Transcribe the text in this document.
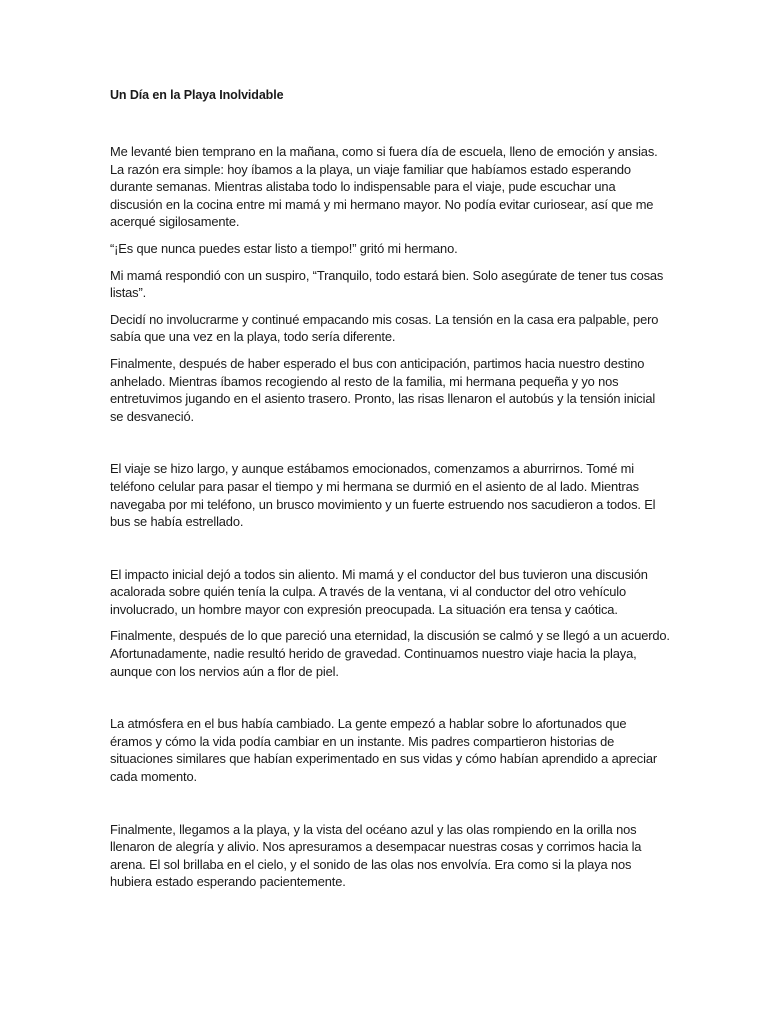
Un Día en la Playa Inolvidable

Me levanté bien temprano en la mañana, como si fuera día de escuela, lleno de emoción y ansias. La razón era simple: hoy íbamos a la playa, un viaje familiar que habíamos estado esperando durante semanas. Mientras alistaba todo lo indispensable para el viaje, pude escuchar una discusión en la cocina entre mi mamá y mi hermano mayor. No podía evitar curiosear, así que me acerqué sigilosamente.

“¡Es que nunca puedes estar listo a tiempo!” gritó mi hermano.

Mi mamá respondió con un suspiro, “Tranquilo, todo estará bien. Solo asegúrate de tener tus cosas listas”.

Decidí no involucrarme y continué empacando mis cosas. La tensión en la casa era palpable, pero sabía que una vez en la playa, todo sería diferente.

Finalmente, después de haber esperado el bus con anticipación, partimos hacia nuestro destino anhelado. Mientras íbamos recogiendo al resto de la familia, mi hermana pequeña y yo nos entretuvimos jugando en el asiento trasero. Pronto, las risas llenaron el autobús y la tensión inicial se desvaneció.

El viaje se hizo largo, y aunque estábamos emocionados, comenzamos a aburrirnos. Tomé mi teléfono celular para pasar el tiempo y mi hermana se durmió en el asiento de al lado. Mientras navegaba por mi teléfono, un brusco movimiento y un fuerte estruendo nos sacudieron a todos. El bus se había estrellado.

El impacto inicial dejó a todos sin aliento. Mi mamá y el conductor del bus tuvieron una discusión acalorada sobre quién tenía la culpa. A través de la ventana, vi al conductor del otro vehículo involucrado, un hombre mayor con expresión preocupada. La situación era tensa y caótica.

Finalmente, después de lo que pareció una eternidad, la discusión se calmó y se llegó a un acuerdo. Afortunadamente, nadie resultó herido de gravedad. Continuamos nuestro viaje hacia la playa, aunque con los nervios aún a flor de piel.

La atmósfera en el bus había cambiado. La gente empezó a hablar sobre lo afortunados que éramos y cómo la vida podía cambiar en un instante. Mis padres compartieron historias de situaciones similares que habían experimentado en sus vidas y cómo habían aprendido a apreciar cada momento.

Finalmente, llegamos a la playa, y la vista del océano azul y las olas rompiendo en la orilla nos llenaron de alegría y alivio. Nos apresuramos a desempacar nuestras cosas y corrimos hacia la arena. El sol brillaba en el cielo, y el sonido de las olas nos envolvía. Era como si la playa nos hubiera estado esperando pacientemente.
